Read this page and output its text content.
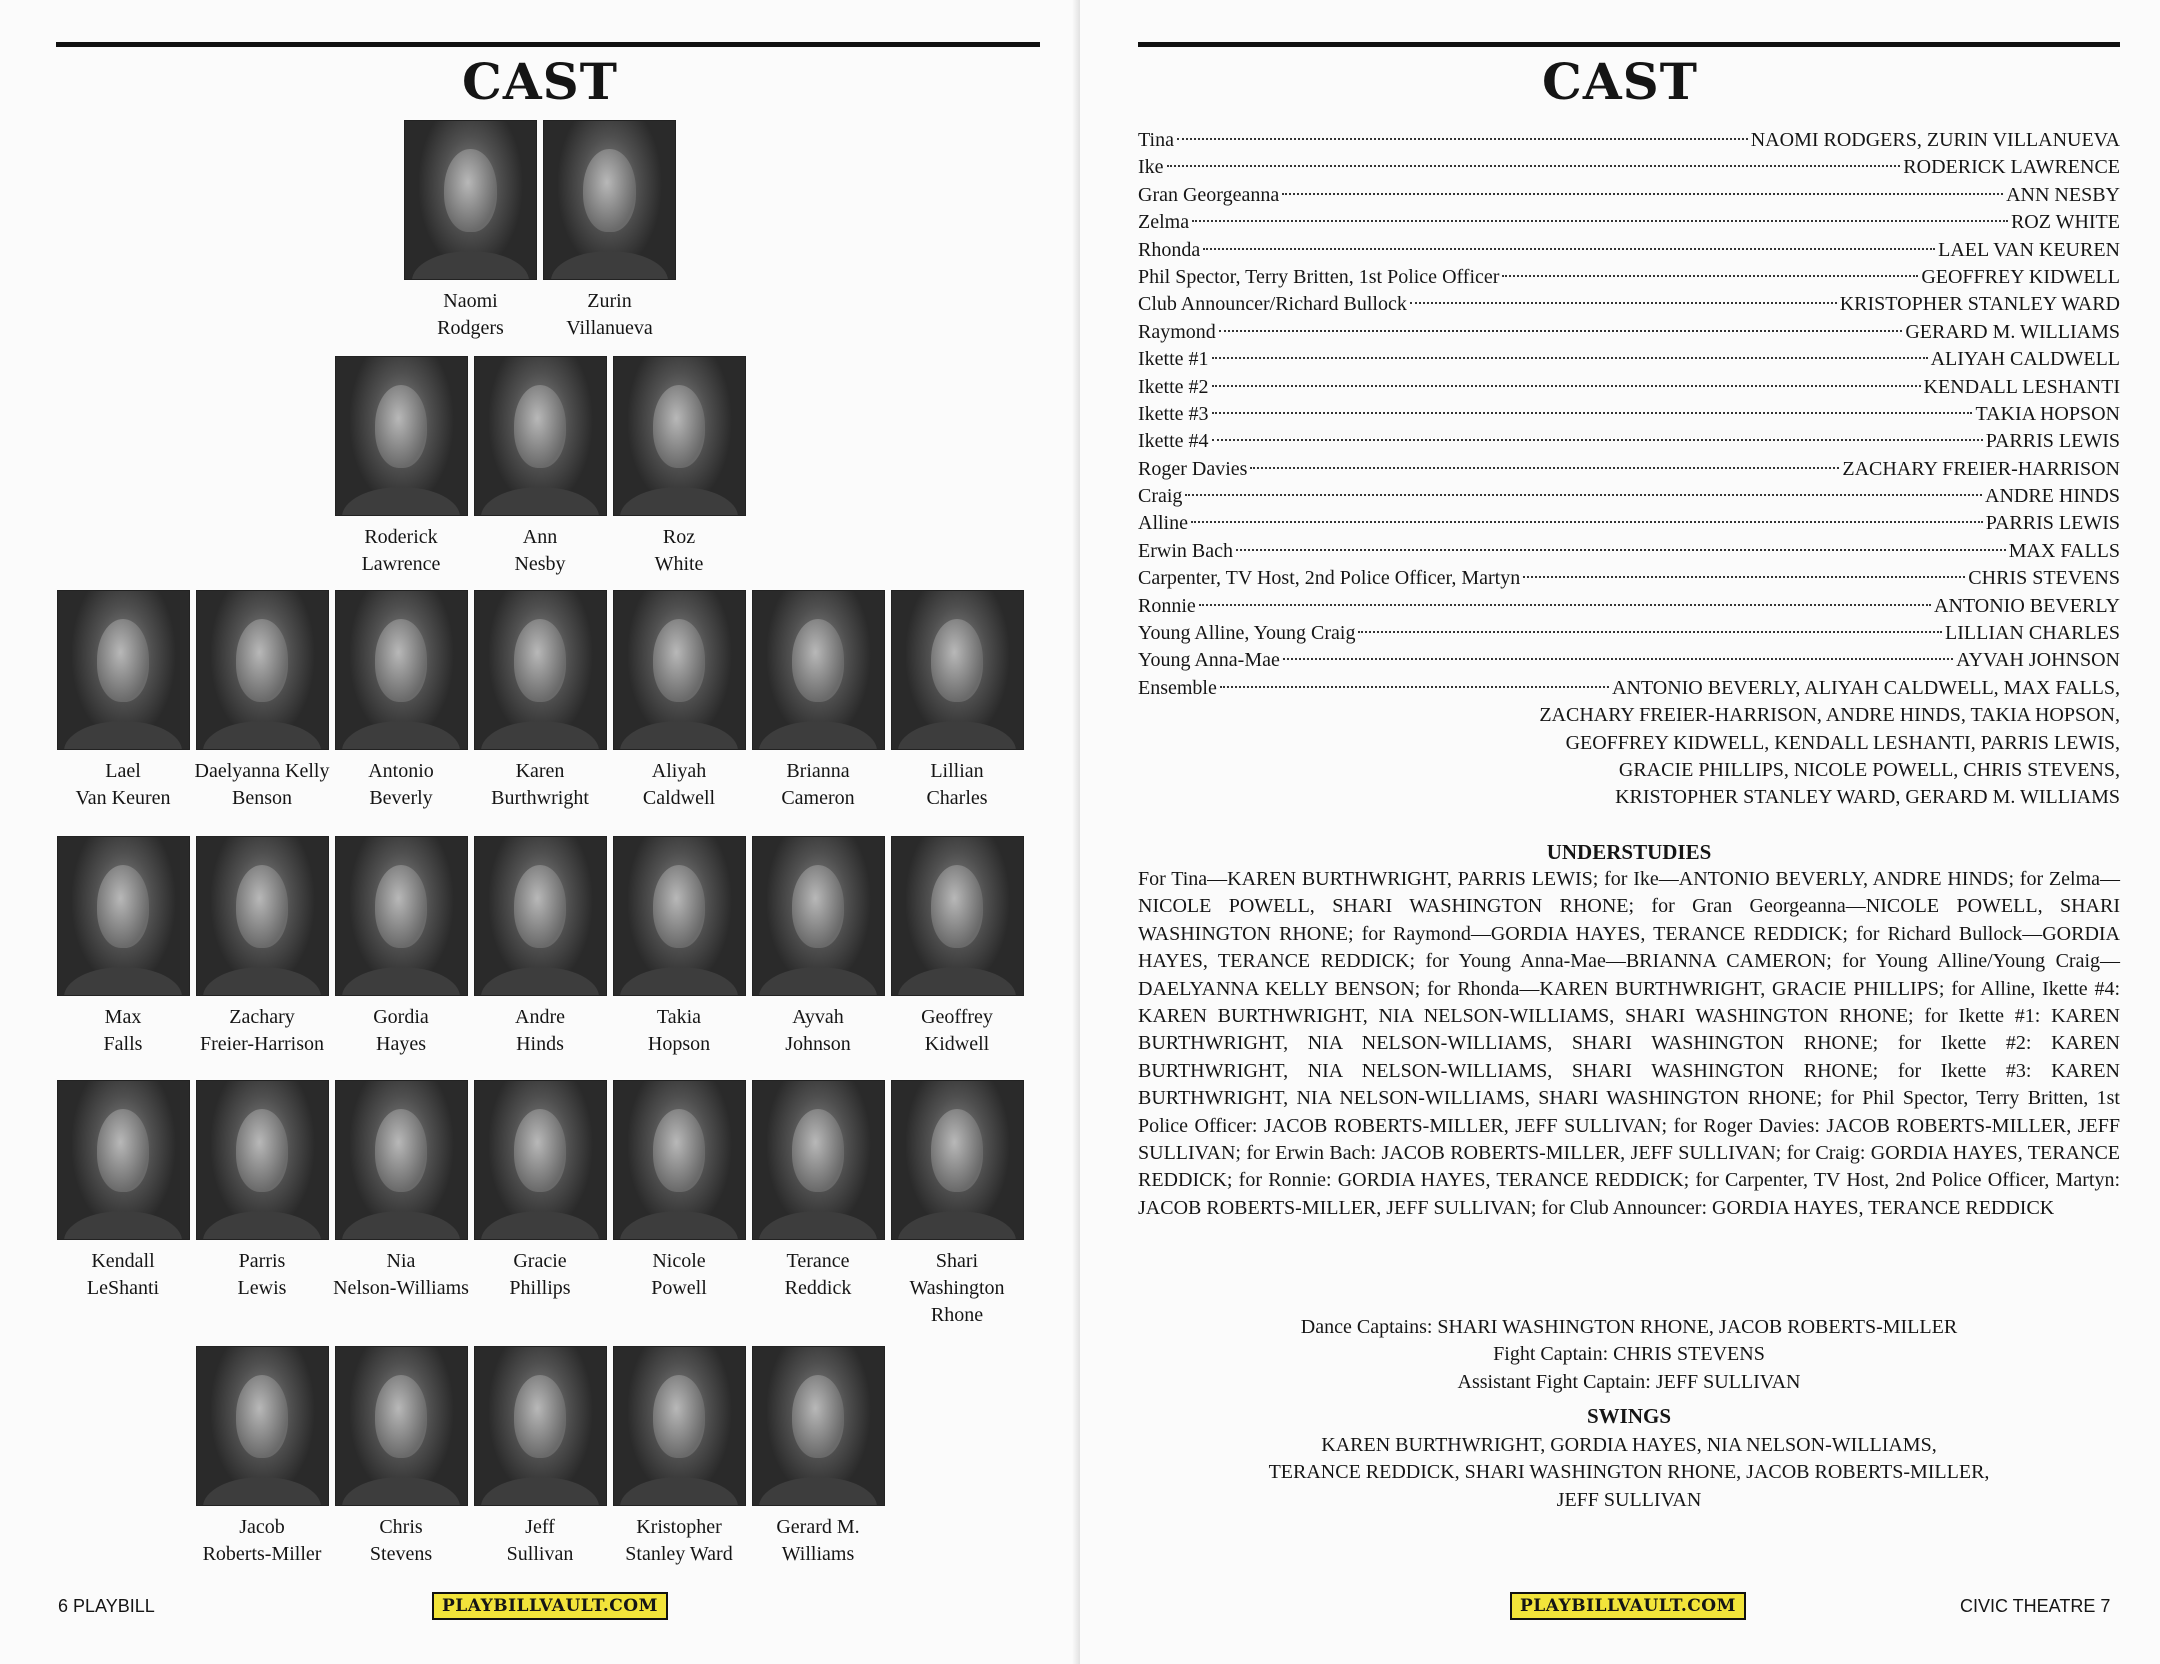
CAST
Naomi
Rodgers
Zurin
Villanueva
Roderick
Lawrence
Ann
Nesby
Roz
White
Lael
Van Keuren
Daelyanna Kelly
Benson
Antonio
Beverly
Karen
Burthwright
Aliyah
Caldwell
Brianna
Cameron
Lillian
Charles
Max
Falls
Zachary
Freier-Harrison
Gordia
Hayes
Andre
Hinds
Takia
Hopson
Ayvah
Johnson
Geoffrey
Kidwell
Kendall
LeShanti
Parris
Lewis
Nia
Nelson-Williams
Gracie
Phillips
Nicole
Powell
Terance
Reddick
Shari
Washington
Rhone
Jacob
Roberts-Miller
Chris
Stevens
Jeff
Sullivan
Kristopher
Stanley Ward
Gerard M.
Williams
6 PLAYBILL	PLAYBILLVAULT.COM
CAST
CIVIC THEATRE 7
PLAYBILLVAULT.COM
Tina	NAOMI RODGERS, ZURIN VILLANUEVA
Ike	RODERICK LAWRENCE
Gran Georgeanna	ANN NESBY
Zelma	ROZ WHITE
Rhonda	LAEL VAN KEUREN
Phil Spector, Terry Britten, 1st Police Officer	GEOFFREY KIDWELL
Club Announcer/Richard Bullock	KRISTOPHER STANLEY WARD
Raymond	GERARD M. WILLIAMS
Ikette #1	ALIYAH CALDWELL
Ikette #2	KENDALL LESHANTI
Ikette #3	TAKIA HOPSON
Ikette #4	PARRIS LEWIS
Roger Davies	ZACHARY FREIER-HARRISON
Craig	ANDRE HINDS
Alline	PARRIS LEWIS
Erwin Bach	MAX FALLS
Carpenter, TV Host, 2nd Police Officer, Martyn	CHRIS STEVENS
Ronnie	ANTONIO BEVERLY
Young Alline, Young Craig	LILLIAN CHARLES
Young Anna-Mae	AYVAH JOHNSON
Ensemble	ANTONIO BEVERLY, ALIYAH CALDWELL, MAX FALLS,
ZACHARY FREIER-HARRISON, ANDRE HINDS, TAKIA HOPSON,
GEOFFREY KIDWELL, KENDALL LESHANTI, PARRIS LEWIS,
GRACIE PHILLIPS, NICOLE POWELL, CHRIS STEVENS,
KRISTOPHER STANLEY WARD, GERARD M. WILLIAMS
UNDERSTUDIES

For Tina—KAREN BURTHWRIGHT, PARRIS LEWIS; for Ike—ANTONIO BEVERLY, ANDRE HINDS; for Zelma—NICOLE POWELL, SHARI WASHINGTON RHONE; for Gran Georgeanna—NICOLE POWELL, SHARI WASHINGTON RHONE; for Raymond—GORDIA HAYES, TERANCE REDDICK; for Richard Bullock—GORDIA HAYES, TERANCE REDDICK; for Young Anna-Mae—BRIANNA CAMERON; for Young Alline/Young Craig—DAELYANNA KELLY BENSON; for Rhonda—KAREN BURTHWRIGHT, GRACIE PHILLIPS; for Alline, Ikette #4: KAREN BURTHWRIGHT, NIA NELSON-WILLIAMS, SHARI WASHINGTON RHONE; for Ikette #1: KAREN BURTHWRIGHT, NIA NELSON-WILLIAMS, SHARI WASHINGTON RHONE; for Ikette #2: KAREN BURTHWRIGHT, NIA NELSON-WILLIAMS, SHARI WASHINGTON RHONE; for Ikette #3: KAREN BURTHWRIGHT, NIA NELSON-WILLIAMS, SHARI WASHINGTON RHONE; for Phil Spector, Terry Britten, 1st Police Officer: JACOB ROBERTS-MILLER, JEFF SULLIVAN; for Roger Davies: JACOB ROBERTS-MILLER, JEFF SULLIVAN; for Erwin Bach: JACOB ROBERTS-MILLER, JEFF SULLIVAN; for Craig: GORDIA HAYES, TERANCE REDDICK; for Ronnie: GORDIA HAYES, TERANCE REDDICK; for Carpenter, TV Host, 2nd Police Officer, Martyn: JACOB ROBERTS-MILLER, JEFF SULLIVAN; for Club Announcer: GORDIA HAYES, TERANCE REDDICK

Dance Captains: SHARI WASHINGTON RHONE, JACOB ROBERTS-MILLER
Fight Captain: CHRIS STEVENS
Assistant Fight Captain: JEFF SULLIVAN
SWINGS
KAREN BURTHWRIGHT, GORDIA HAYES, NIA NELSON-WILLIAMS,
TERANCE REDDICK, SHARI WASHINGTON RHONE, JACOB ROBERTS-MILLER,
JEFF SULLIVAN
